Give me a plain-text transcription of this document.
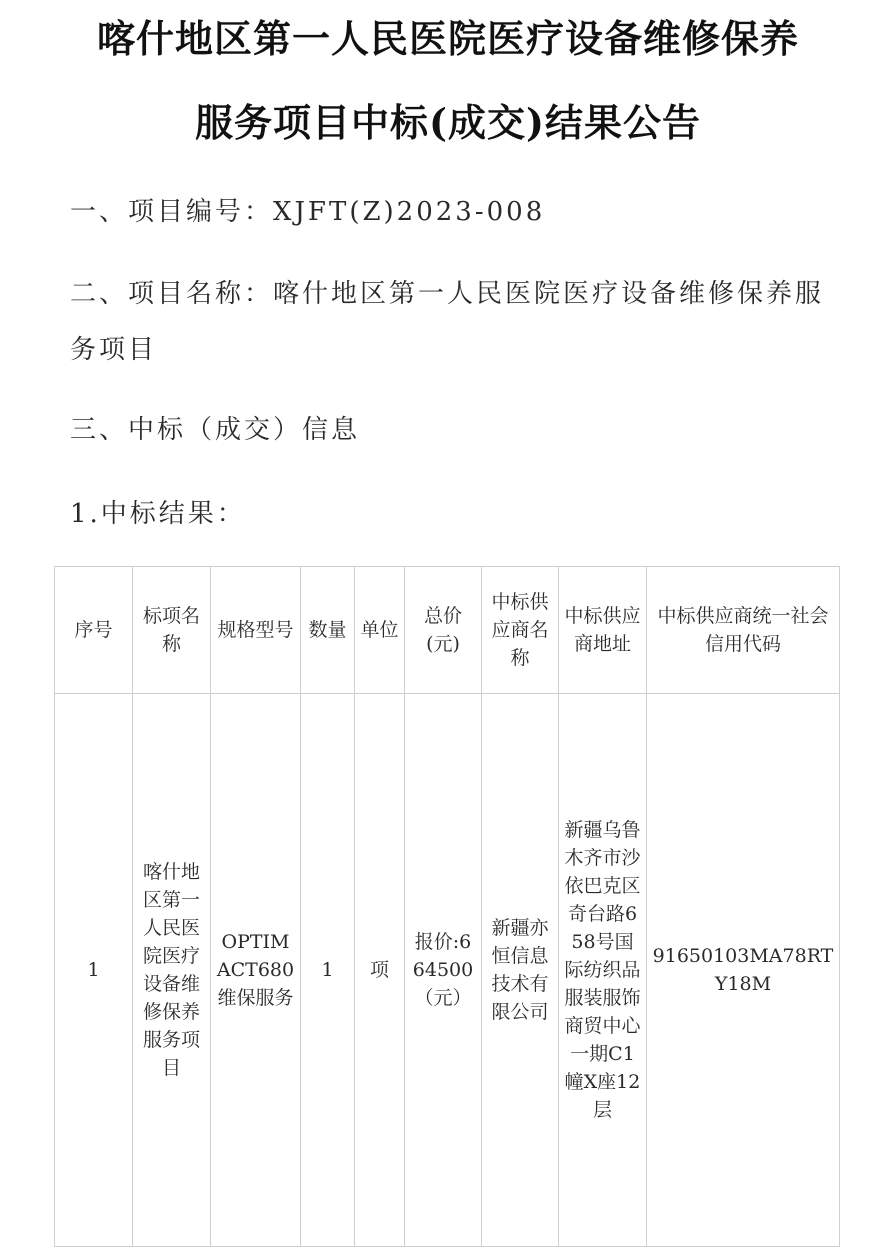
喀什地区第一人民医院医疗设备维修保养
服务项目中标(成交)结果公告
一、项目编号：XJFT(Z)2023-008
二、项目名称：喀什地区第一人民医院医疗设备维修保养服务项目
三、中标（成交）信息
1.中标结果：
序号	标项名称	规格型号	数量	单位	总价(元)	中标供应商名称	中标供应商地址	中标供应商统一社会信用代码
1	喀什地区第一人民医院医疗设备维修保养服务项目	OPTIMACT680维保服务	1	项	报价:664500（元）	新疆亦恒信息技术有限公司	新疆乌鲁木齐市沙依巴克区奇台路658号国际纺织品服装服饰商贸中心一期C1幢X座12层	91650103MA78RTY18M
